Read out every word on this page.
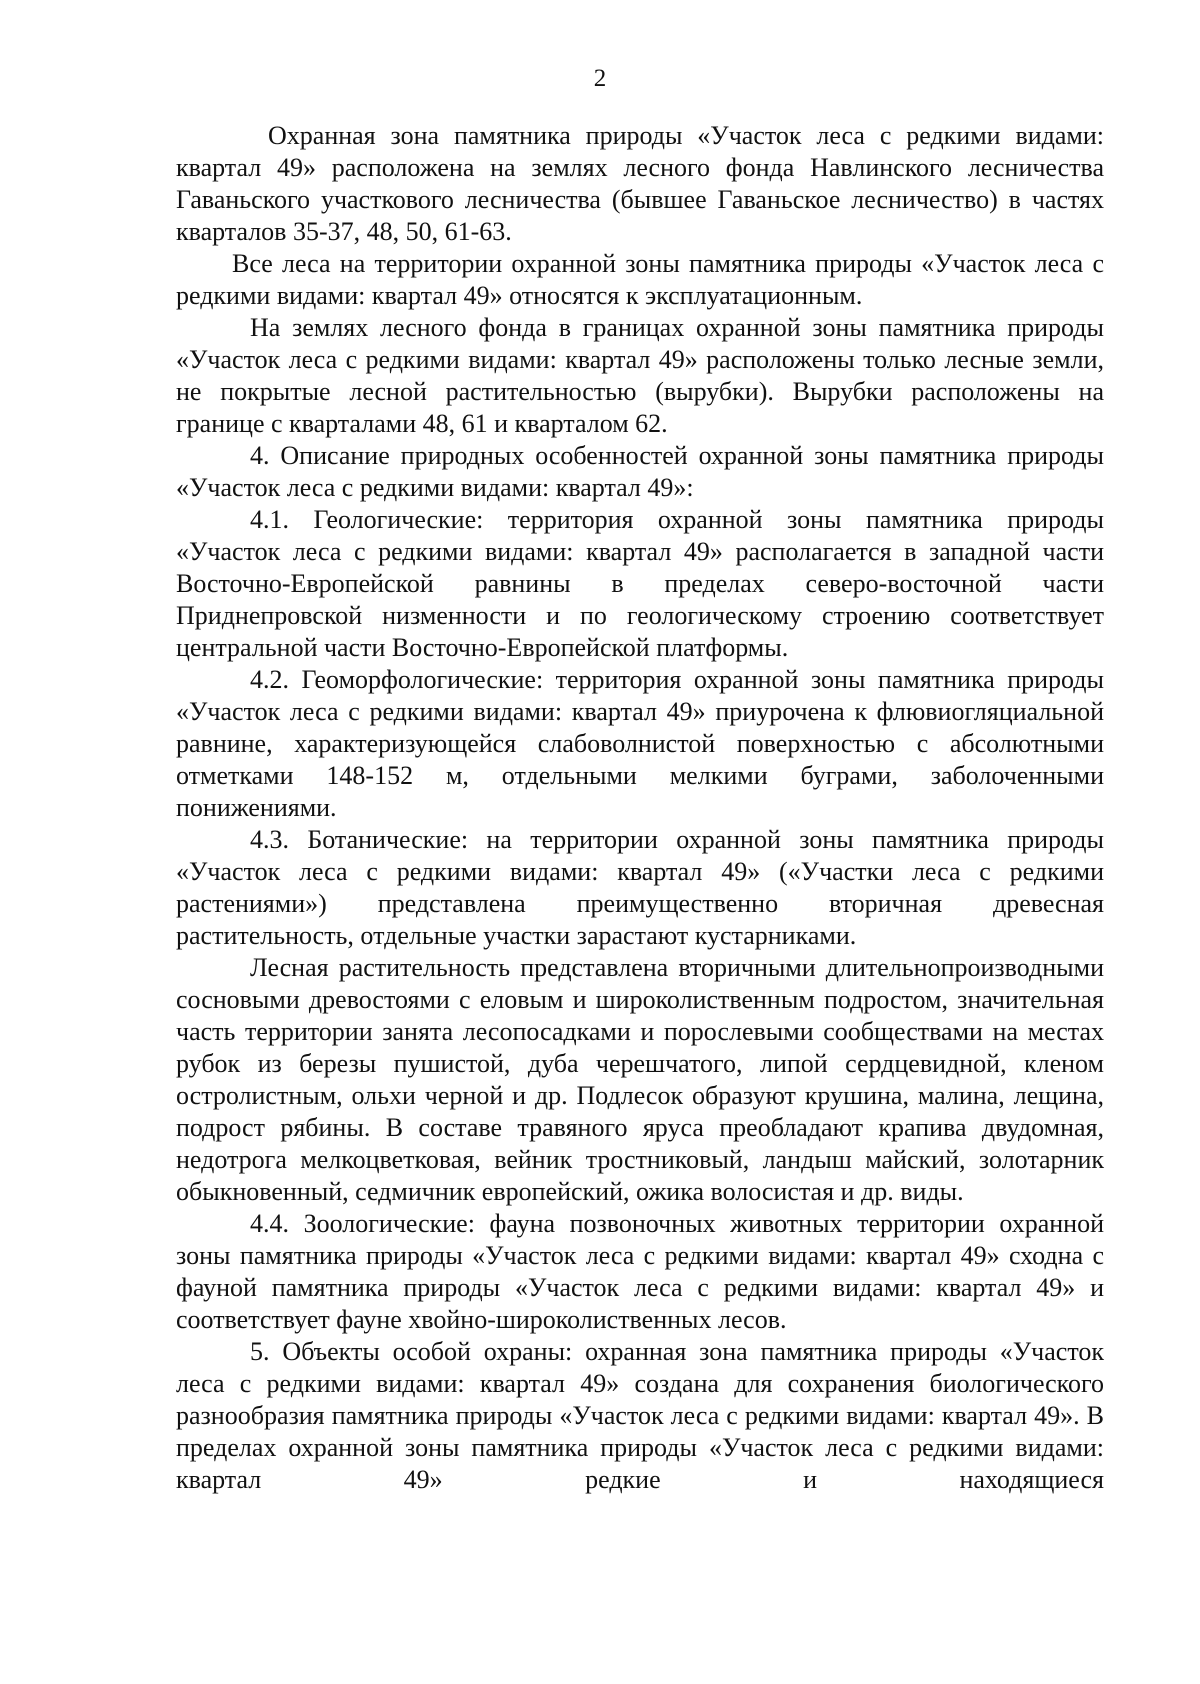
2

Охранная зона памятника природы «Участок леса с редкими видами: квартал 49» расположена на землях лесного фонда Навлинского лесничества Гаваньского участкового лесничества (бывшее Гаваньское лесничество) в частях кварталов 35-37, 48, 50, 61-63.

Все леса на территории охранной зоны памятника природы «Участок леса с редкими видами: квартал 49» относятся к эксплуатационным.

На землях лесного фонда в границах охранной зоны памятника природы «Участок леса с редкими видами: квартал 49» расположены только лесные земли, не покрытые лесной растительностью (вырубки). Вырубки расположены на границе с кварталами 48, 61 и кварталом 62.

4. Описание природных особенностей охранной зоны памятника природы «Участок леса с редкими видами: квартал 49»:

4.1. Геологические: территория охранной зоны памятника природы «Участок леса с редкими видами: квартал 49» располагается в западной части Восточно-Европейской равнины в пределах северо-восточной части Приднепровской низменности и по геологическому строению соответствует центральной части Восточно-Европейской платформы.

4.2. Геоморфологические: территория охранной зоны памятника природы «Участок леса с редкими видами: квартал 49» приурочена к флювиогляциальной равнине, характеризующейся слабоволнистой поверхностью с абсолютными отметками 148-152 м, отдельными мелкими буграми, заболоченными понижениями.

4.3. Ботанические: на территории охранной зоны памятника природы «Участок леса с редкими видами: квартал 49» («Участки леса с редкими растениями») представлена преимущественно вторичная древесная растительность, отдельные участки зарастают кустарниками.

Лесная растительность представлена вторичными длительнопроизводными сосновыми древостоями с еловым и широколиственным подростом, значительная часть территории занята лесопосадками и порослевыми сообществами на местах рубок из березы пушистой, дуба черешчатого, липой сердцевидной, кленом остролистным, ольхи черной и др. Подлесок образуют крушина, малина, лещина, подрост рябины. В составе травяного яруса преобладают крапива двудомная, недотрога мелкоцветковая, вейник тростниковый, ландыш майский, золотарник обыкновенный, седмичник европейский, ожика волосистая и др. виды.

4.4. Зоологические: фауна позвоночных животных территории охранной зоны памятника природы «Участок леса с редкими видами: квартал 49» сходна с фауной памятника природы «Участок леса с редкими видами: квартал 49» и соответствует фауне хвойно-широколиственных лесов.

5. Объекты особой охраны: охранная зона памятника природы «Участок леса с редкими видами: квартал 49» создана для сохранения биологического разнообразия памятника природы «Участок леса с редкими видами: квартал 49». В пределах охранной зоны памятника природы «Участок леса с редкими видами: квартал 49» редкие и находящиеся
